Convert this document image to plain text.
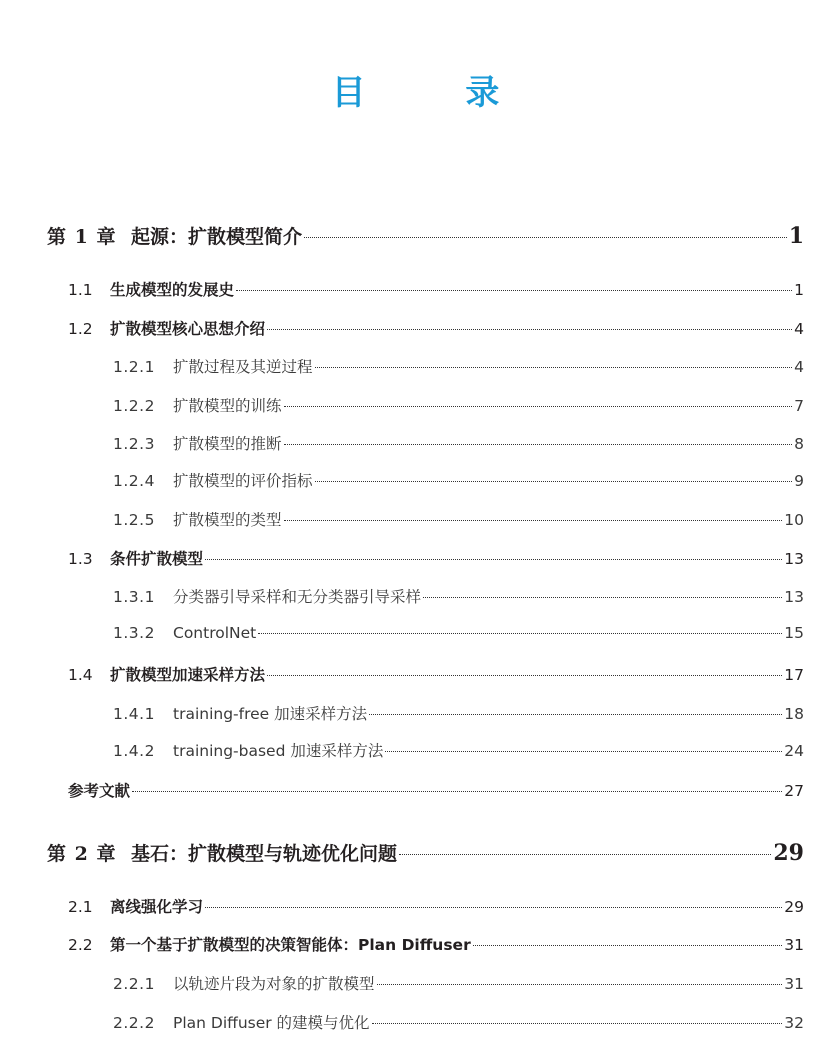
目 录
第 1 章 起源：扩散模型简介	1
1.1	生成模型的发展史	1
1.2	扩散模型核心思想介绍	4
1.2.1	扩散过程及其逆过程	4
1.2.2	扩散模型的训练	7
1.2.3	扩散模型的推断	8
1.2.4	扩散模型的评价指标	9
1.2.5	扩散模型的类型	10
1.3	条件扩散模型	13
1.3.1	分类器引导采样和无分类器引导采样	13
1.3.2	ControlNet	15
1.4	扩散模型加速采样方法	17
1.4.1	training-free 加速采样方法	18
1.4.2	training-based 加速采样方法	24
参考文献	27
第 2 章 基石：扩散模型与轨迹优化问题	29
2.1	离线强化学习	29
2.2	第一个基于扩散模型的决策智能体：Plan Diffuser	31
2.2.1	以轨迹片段为对象的扩散模型	31
2.2.2	Plan Diffuser 的建模与优化	32
